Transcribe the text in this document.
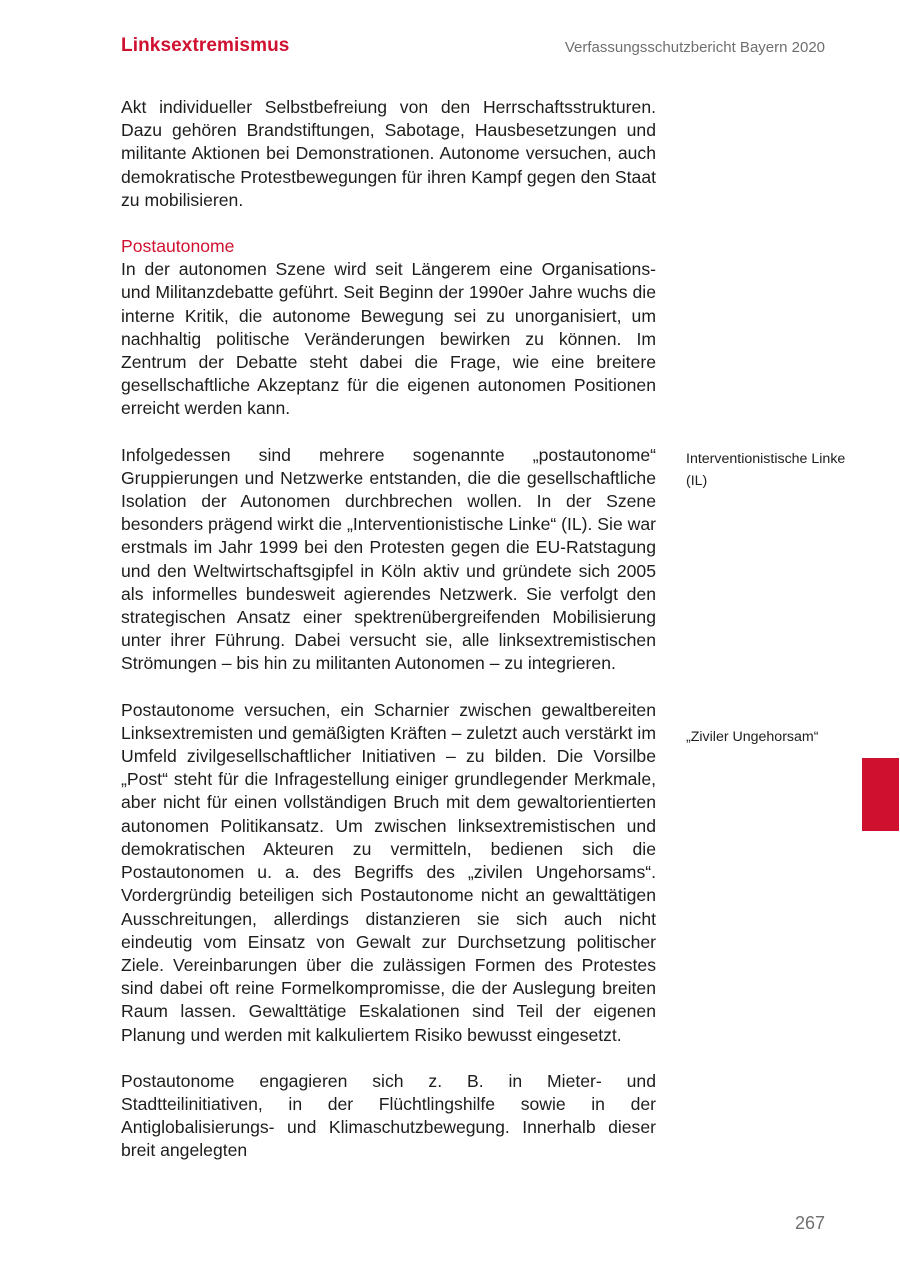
Linksextremismus	Verfassungsschutzbericht Bayern 2020

Akt individueller Selbstbefreiung von den Herrschaftsstrukturen. Dazu gehören Brandstiftungen, Sabotage, Hausbesetzungen und militante Aktionen bei Demonstrationen. Autonome versuchen, auch demokratische Protestbewegungen für ihren Kampf gegen den Staat zu mobilisieren.

Postautonome

In der autonomen Szene wird seit Längerem eine Organisations- und Militanzdebatte geführt. Seit Beginn der 1990er Jahre wuchs die interne Kritik, die autonome Bewegung sei zu unorganisiert, um nachhaltig politische Veränderungen bewirken zu können. Im Zentrum der Debatte steht dabei die Frage, wie eine breitere gesellschaftliche Akzeptanz für die eigenen autonomen Positionen erreicht werden kann.

Infolgedessen sind mehrere sogenannte „postautonome“ Gruppierungen und Netzwerke entstanden, die die gesellschaftliche Isolation der Autonomen durchbrechen wollen. In der Szene besonders prägend wirkt die „Interventionistische Linke“ (IL). Sie war erstmals im Jahr 1999 bei den Protesten gegen die EU-Ratstagung und den Weltwirtschaftsgipfel in Köln aktiv und gründete sich 2005 als informelles bundesweit agierendes Netzwerk. Sie verfolgt den strategischen Ansatz einer spektrenübergreifenden Mobilisierung unter ihrer Führung. Dabei versucht sie, alle linksextremistischen Strömungen – bis hin zu militanten Autonomen – zu integrieren.

Postautonome versuchen, ein Scharnier zwischen gewaltbereiten Linksextremisten und gemäßigten Kräften – zuletzt auch verstärkt im Umfeld zivilgesellschaftlicher Initiativen – zu bilden. Die Vorsilbe „Post“ steht für die Infragestellung einiger grundlegender Merkmale, aber nicht für einen vollständigen Bruch mit dem gewaltorientierten autonomen Politikansatz. Um zwischen linksextremistischen und demokratischen Akteuren zu vermitteln, bedienen sich die Postautonomen u. a. des Begriffs des „zivilen Ungehorsams“. Vordergründig beteiligen sich Postautonome nicht an gewalttätigen Ausschreitungen, allerdings distanzieren sie sich auch nicht eindeutig vom Einsatz von Gewalt zur Durchsetzung politischer Ziele. Vereinbarungen über die zulässigen Formen des Protestes sind dabei oft reine Formelkompromisse, die der Auslegung breiten Raum lassen. Gewalttätige Eskalationen sind Teil der eigenen Planung und werden mit kalkuliertem Risiko bewusst eingesetzt.

Postautonome engagieren sich z. B. in Mieter- und Stadtteilinitiativen, in der Flüchtlingshilfe sowie in der Antiglobalisierungs- und Klimaschutzbewegung. Innerhalb dieser breit angelegten

Interventionistische Linke (IL)
„Ziviler Ungehorsam“
267
